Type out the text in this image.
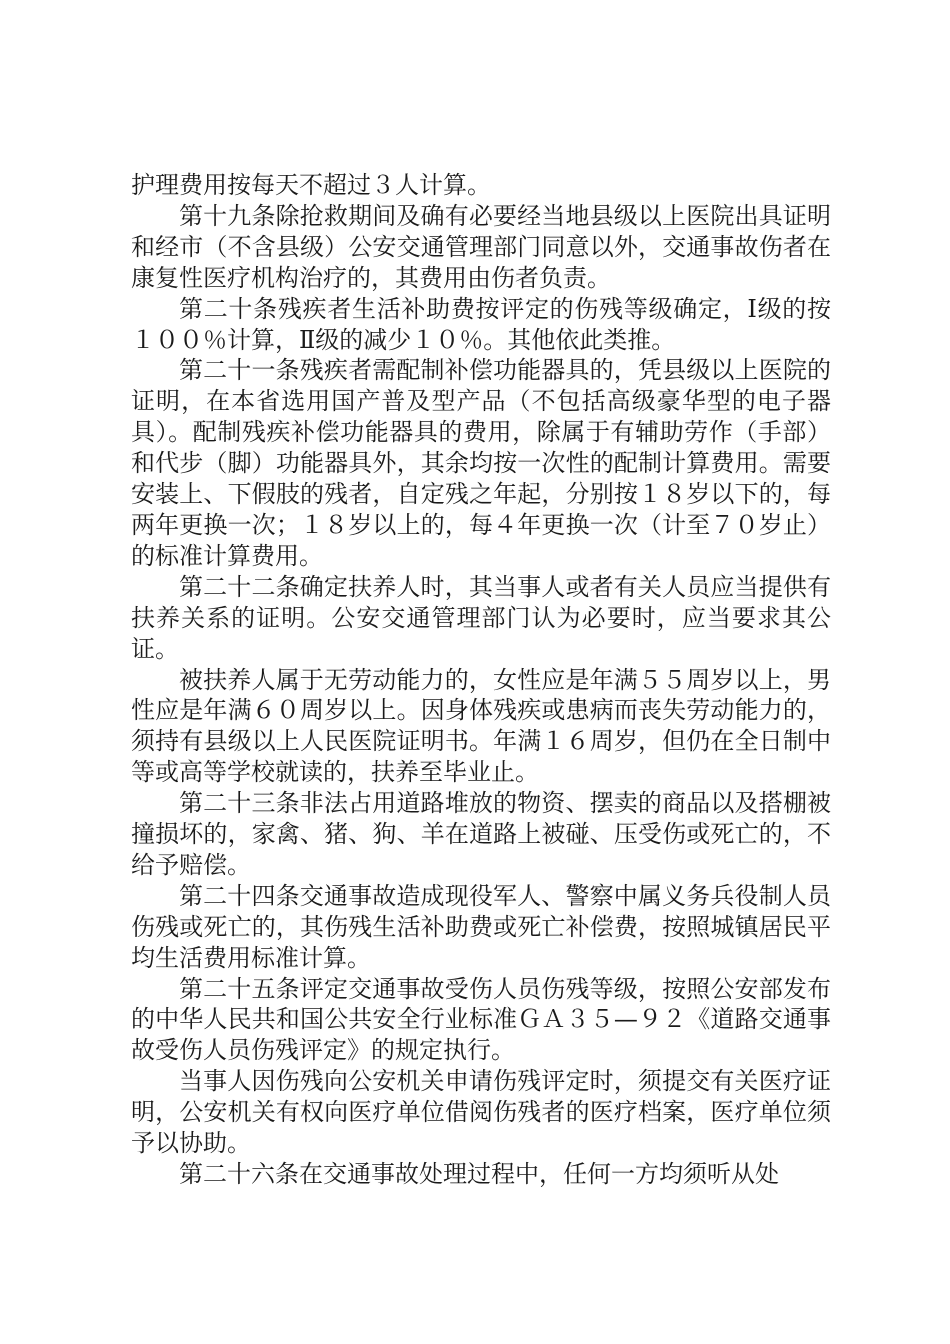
护理费用按每天不超过３人计算。

第十九条除抢救期间及确有必要经当地县级以上医院出具证明和经市（不含县级）公安交通管理部门同意以外，交通事故伤者在康复性医疗机构治疗的，其费用由伤者负责。

第二十条残疾者生活补助费按评定的伤残等级确定，Ⅰ级的按１００％计算，Ⅱ级的减少１０％。其他依此类推。

第二十一条残疾者需配制补偿功能器具的，凭县级以上医院的证明，在本省选用国产普及型产品（不包括高级豪华型的电子器具）。配制残疾补偿功能器具的费用，除属于有辅助劳作（手部）和代步（脚）功能器具外，其余均按一次性的配制计算费用。需要安装上、下假肢的残者，自定残之年起，分别按１８岁以下的，每两年更换一次；１８岁以上的，每４年更换一次（计至７０岁止）的标准计算费用。

第二十二条确定扶养人时，其当事人或者有关人员应当提供有扶养关系的证明。公安交通管理部门认为必要时，应当要求其公证。

被扶养人属于无劳动能力的，女性应是年满５５周岁以上，男性应是年满６０周岁以上。因身体残疾或患病而丧失劳动能力的，须持有县级以上人民医院证明书。年满１６周岁，但仍在全日制中等或高等学校就读的，扶养至毕业止。

第二十三条非法占用道路堆放的物资、摆卖的商品以及搭棚被撞损坏的，家禽、猪、狗、羊在道路上被碰、压受伤或死亡的，不给予赔偿。

第二十四条交通事故造成现役军人、警察中属义务兵役制人员伤残或死亡的，其伤残生活补助费或死亡补偿费，按照城镇居民平均生活费用标准计算。

第二十五条评定交通事故受伤人员伤残等级，按照公安部发布的中华人民共和国公共安全行业标准ＧＡ３５—９２《道路交通事故受伤人员伤残评定》的规定执行。

当事人因伤残向公安机关申请伤残评定时，须提交有关医疗证明，公安机关有权向医疗单位借阅伤残者的医疗档案，医疗单位须予以协助。

第二十六条在交通事故处理过程中，任何一方均须听从处
